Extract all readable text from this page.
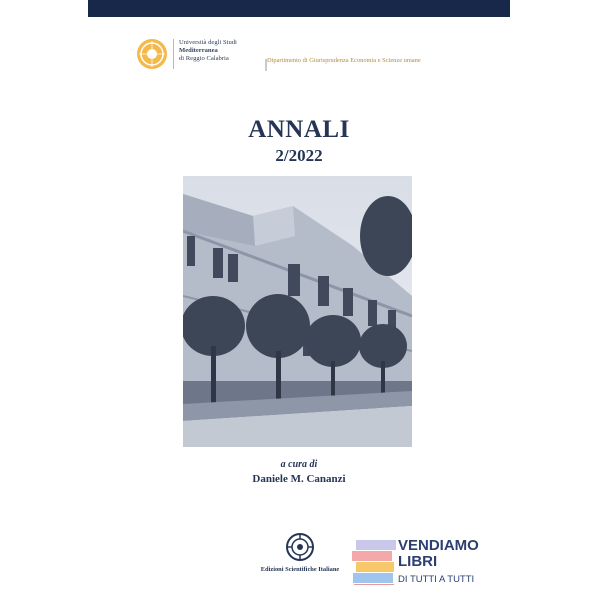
Università degli Studi
Mediterranea
di Reggio Calabria	Dipartimento di Giurisprudenza Economia e Scienze umane
ANNALI
2/2022
a cura di
Daniele M. Cananzi
Edizioni Scientifiche Italiane
VENDIAMO
LIBRI
DI TUTTI A TUTTI
